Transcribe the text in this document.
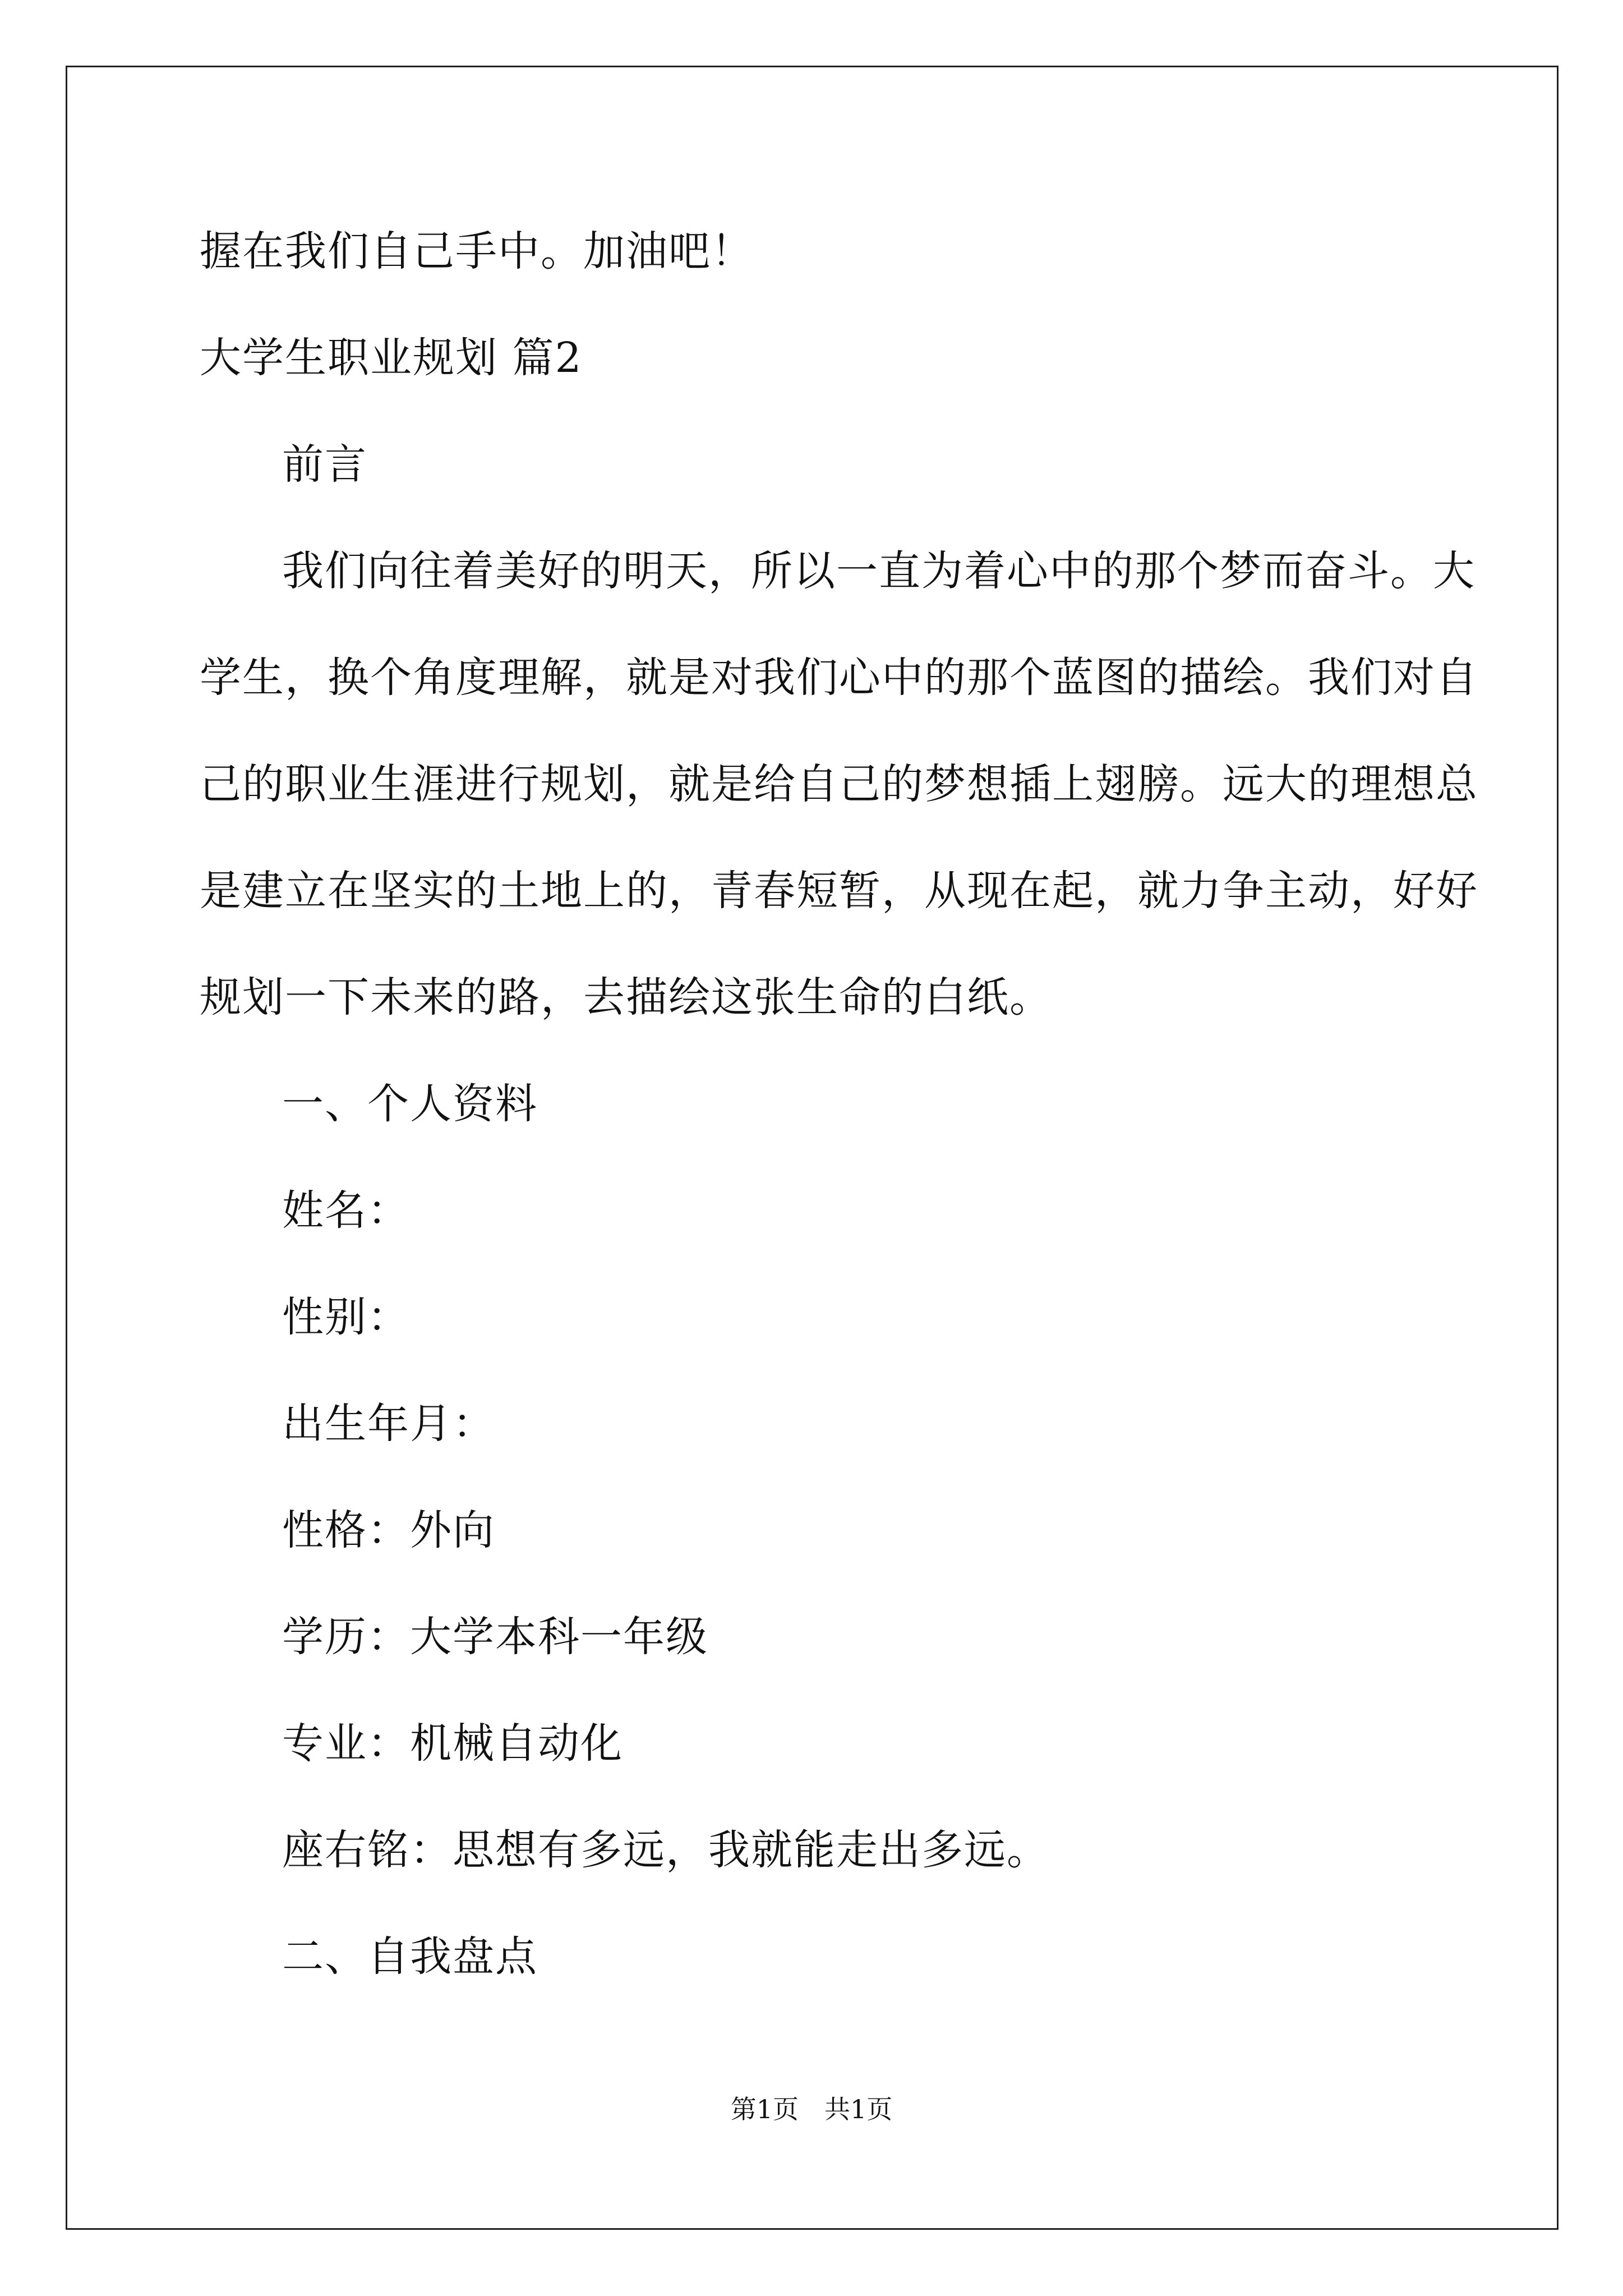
握在我们自己手中。加油吧！
大学生职业规划 篇2
前言
我们向往着美好的明天，所以一直为着心中的那个梦而奋斗。大
学生，换个角度理解，就是对我们心中的那个蓝图的描绘。我们对自
己的职业生涯进行规划，就是给自己的梦想插上翅膀。远大的理想总
是建立在坚实的土地上的，青春短暂，从现在起，就力争主动，好好
规划一下未来的路，去描绘这张生命的白纸。
一、个人资料
姓名：
性别：
出生年月：
性格：外向
学历：大学本科一年级
专业：机械自动化
座右铭：思想有多远，我就能走出多远。
二、自我盘点
第1页　共1页
